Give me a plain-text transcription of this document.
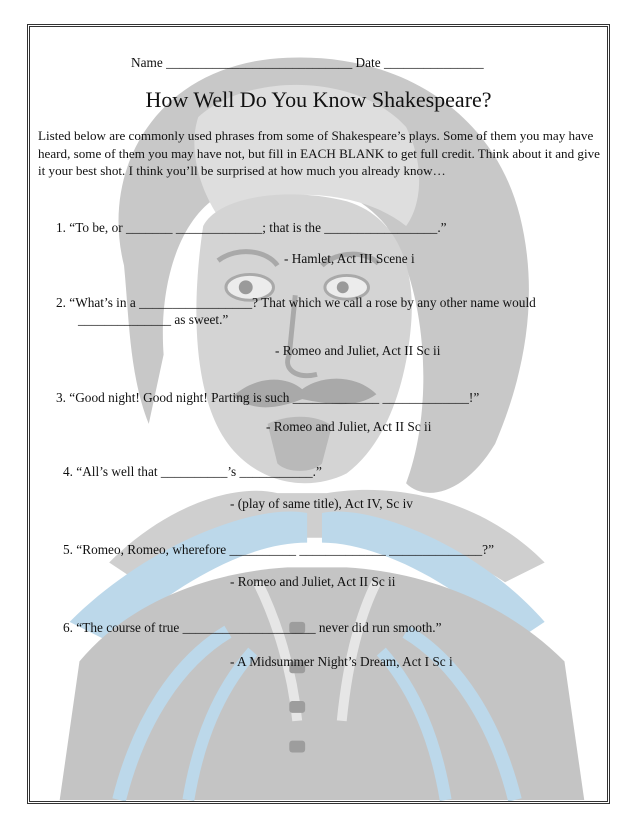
Name ____________________________ Date _______________
How Well Do You Know Shakespeare?
Listed below are commonly used phrases from some of Shakespeare’s plays. Some of them you may have heard, some of them you may have not, but fill in EACH BLANK to get full credit. Think about it and give it your best shot. I think you’ll be surprised at how much you already know…
1. “To be, or _______ _____________; that is the _________________.”
- Hamlet, Act III Scene i
2. “What’s in a _________________? That which we call a rose by any other name would
______________ as sweet.”
- Romeo and Juliet, Act II Sc ii
3. “Good night! Good night! Parting is such _____________ _____________!”
- Romeo and Juliet, Act II Sc ii
4. “All’s well that __________’s ___________.”
- (play of same title), Act IV, Sc iv
5. “Romeo, Romeo, wherefore __________ _____________ ______________?”
- Romeo and Juliet, Act II Sc ii
6. “The course of true ____________________ never did run smooth.”
- A Midsummer Night’s Dream, Act I Sc i
